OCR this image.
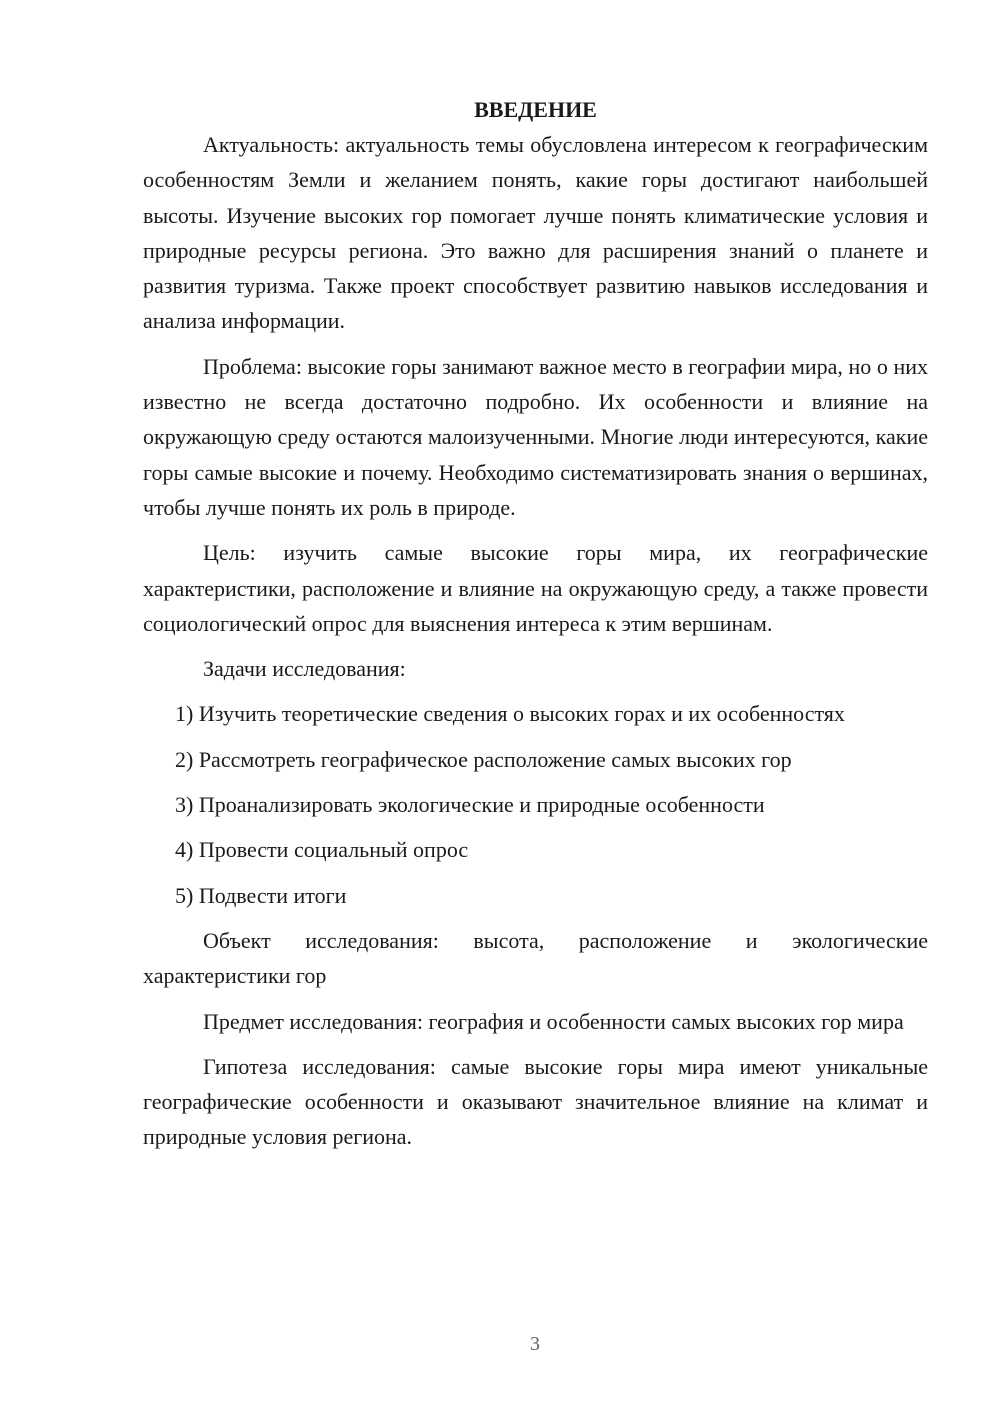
ВВЕДЕНИЕ

Актуальность: актуальность темы обусловлена интересом к географическим особенностям Земли и желанием понять, какие горы достигают наибольшей высоты. Изучение высоких гор помогает лучше понять климатические условия и природные ресурсы региона. Это важно для расширения знаний о планете и развития туризма. Также проект способствует развитию навыков исследования и анализа информации.

Проблема: высокие горы занимают важное место в географии мира, но о них известно не всегда достаточно подробно. Их особенности и влияние на окружающую среду остаются малоизученными. Многие люди интересуются, какие горы самые высокие и почему. Необходимо систематизировать знания о вершинах, чтобы лучше понять их роль в природе.

Цель: изучить самые высокие горы мира, их географические характеристики, расположение и влияние на окружающую среду, а также провести социологический опрос для выяснения интереса к этим вершинам.

Задачи исследования:

1) Изучить теоретические сведения о высоких горах и их особенностях

2) Рассмотреть географическое расположение самых высоких гор

3) Проанализировать экологические и природные особенности

4) Провести социальный опрос

5) Подвести итоги

Объект исследования: высота, расположение и экологические характеристики гор

Предмет исследования: география и особенности самых высоких гор мира

Гипотеза исследования: самые высокие горы мира имеют уникальные географические особенности и оказывают значительное влияние на климат и природные условия региона.

3
